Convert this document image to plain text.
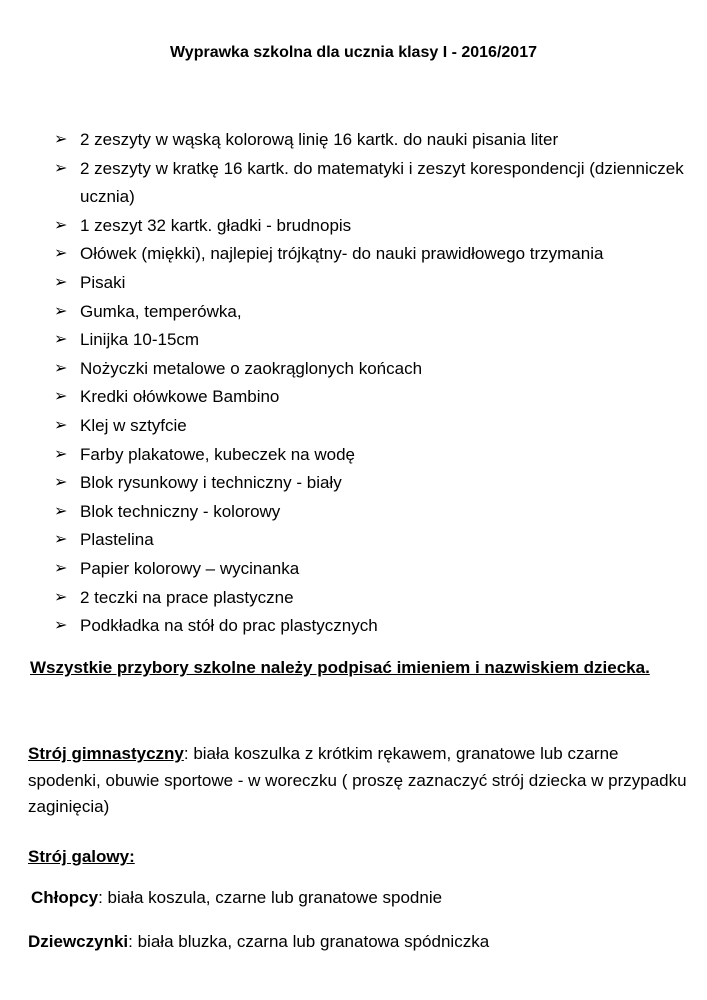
Wyprawka szkolna dla ucznia klasy I - 2016/2017
➢ 2 zeszyty w wąską kolorową linię 16 kartk. do nauki pisania liter
➢ 2 zeszyty w kratkę 16 kartk. do matematyki i zeszyt korespondencji (dzienniczek ucznia)
➢ 1 zeszyt 32 kartk. gładki - brudnopis
➢ Ołówek (miękki), najlepiej trójkątny- do nauki prawidłowego trzymania
➢ Pisaki
➢ Gumka, temperówka,
➢ Linijka 10-15cm
➢ Nożyczki metalowe o zaokrąglonych końcach
➢ Kredki ołówkowe Bambino
➢ Klej w sztyfcie
➢ Farby plakatowe, kubeczek na wodę
➢ Blok rysunkowy i techniczny - biały
➢ Blok techniczny - kolorowy
➢ Plastelina
➢ Papier kolorowy – wycinanka
➢ 2 teczki na prace plastyczne
➢ Podkładka na stół do prac plastycznych

Wszystkie przybory szkolne należy podpisać imieniem i nazwiskiem dziecka.

Strój gimnastyczny: biała koszulka z krótkim rękawem, granatowe lub czarne spodenki, obuwie sportowe - w woreczku ( proszę zaznaczyć strój dziecka w przypadku zaginięcia)

Strój galowy:

Chłopcy: biała koszula, czarne lub granatowe spodnie

Dziewczynki: biała bluzka, czarna lub granatowa spódniczka
